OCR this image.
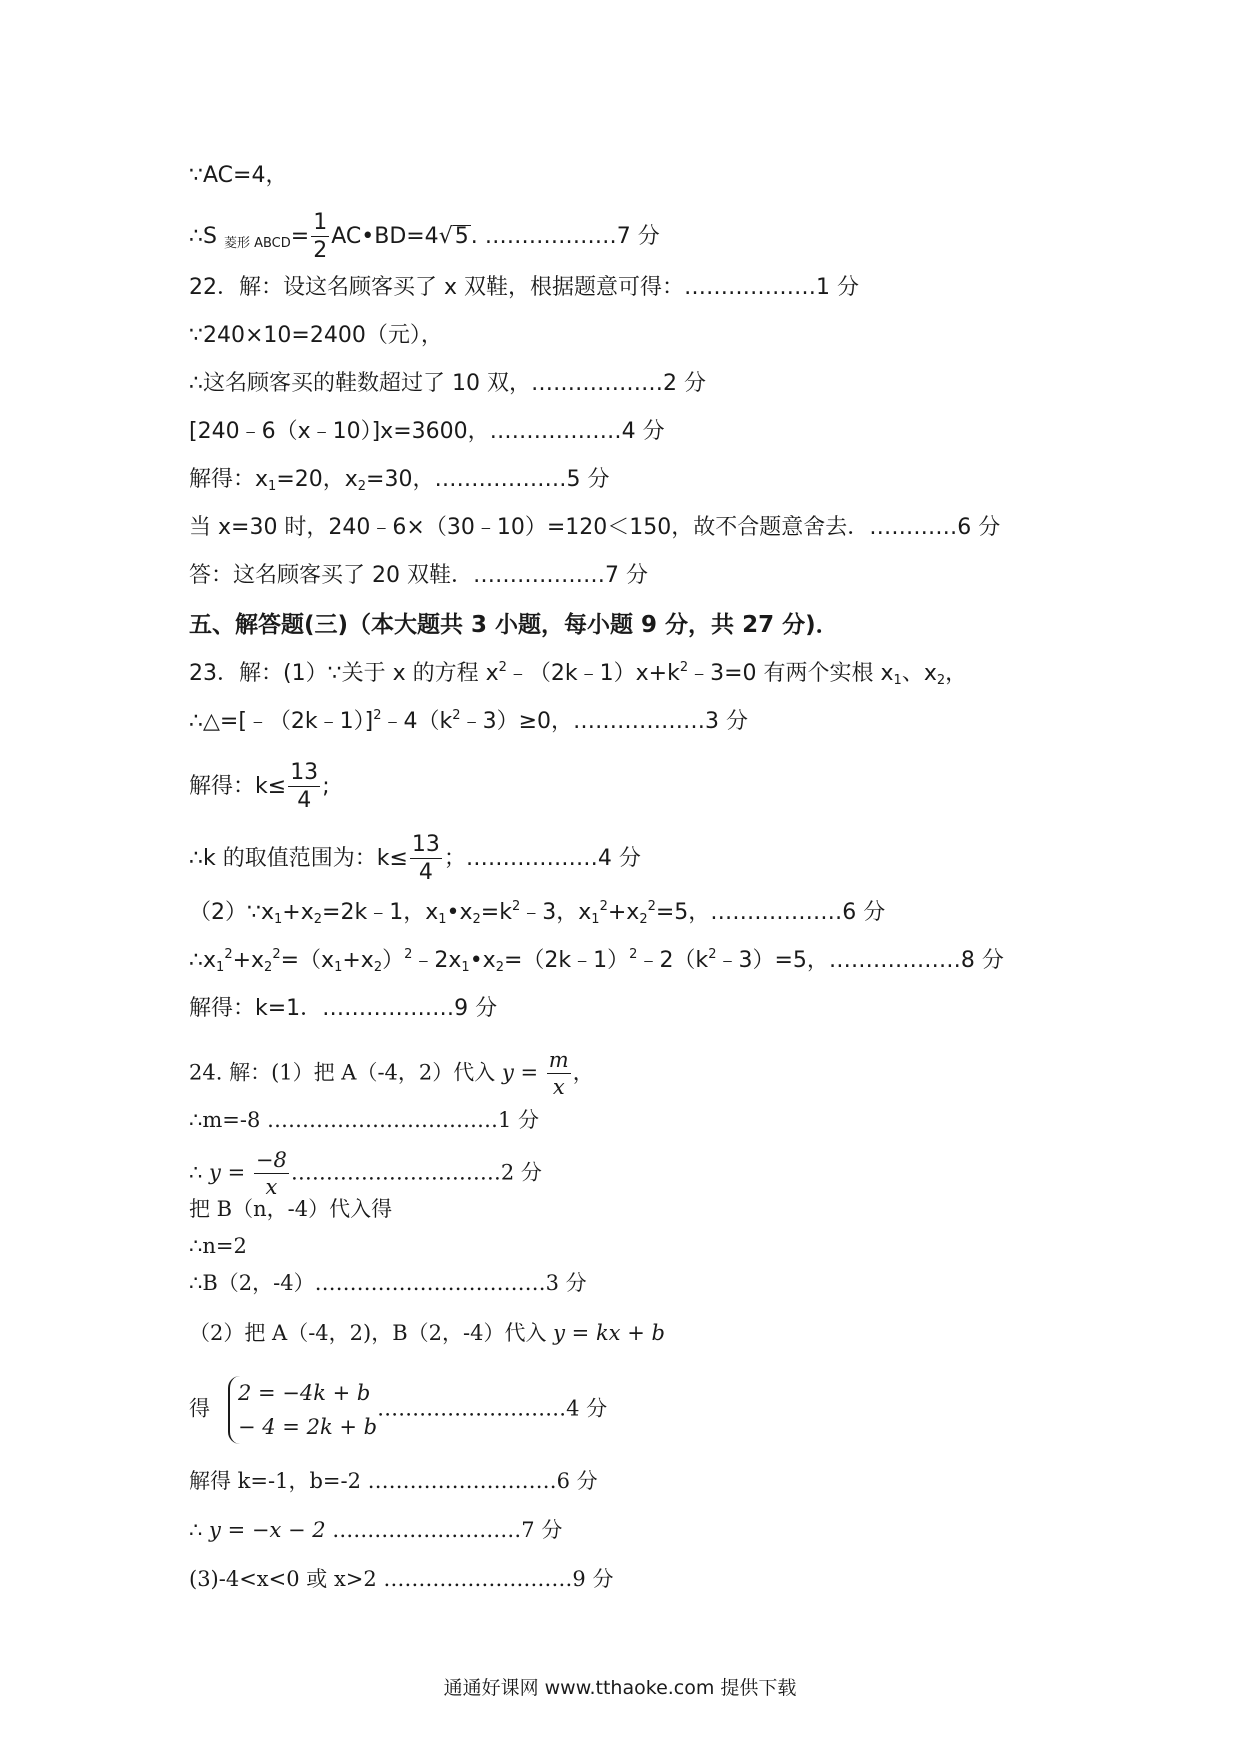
∵AC=4，
∴S $_{菱形 ABCD}= \frac{1}{2}$ AC•BD=4√5. ………………7 分
22．解：设这名顾客买了 x 双鞋，根据题意可得：………………1 分
∵240×10=2400（元），
∴这名顾客买的鞋数超过了 10 双，………………2 分
[240﹣6（x﹣10）]x=3600，………………4 分
解得：$x_1=20$，$x_2=30$，………………5 分
当 x=30 时，240﹣6×（30﹣10）=120＜150，故不合题意舍去．…………6 分
答：这名顾客买了 20 双鞋．………………7 分
五、解答题(三)（本大题共 3 小题，每小题 9 分，共 27 分)．
23．解：(1）∵关于 x 的方程 $x^2﹣(2k﹣1)x+k^2﹣3=0$ 有两个实根 $x_1$、$x_2$，
$\therefore\triangle=[﹣(2k﹣1)]^2﹣4(k^2﹣3)\ge 0$，………………3 分
解得：$k\le \frac{13}{4}$ ;
∴k 的取值范围为：$k\le \frac{13}{4}$ ；………………4 分
$(2)\because x_1+x_2=2k﹣1$，$x_1•x_2=k^2﹣3$，$x_1^2+x_2^2=5$，………………6 分
$\therefore x_1^2+x_2^2=(x_1+x_2)^2﹣2x_1•x_2=(2k﹣1)^2﹣2(k^2﹣3)=5$，………………8 分
解得：k=1．………………9 分
24. 解：(1）把 A（-4，2）代入 $y = \frac{m}{x}$ ，
∴m=-8 ……………………………1 分
∴ $y = \frac{-8}{x}$ …………………………2 分
把 B（n，-4）代入得
∴n=2
∴B（2，-4）……………………………3 分
（2）把 A（-4，2)，B（2，-4）代入 y = kx + b
得
2 = −4k + b
− 4 = 2k + b
………………………4 分
解得 k=-1，b=-2 ………………………6 分
∴ y = −x − 2 ………………………7 分
(3)-4<x<0 或 x>2 ………………………9 分
通通好课网 www.tthaoke.com 提供下载
